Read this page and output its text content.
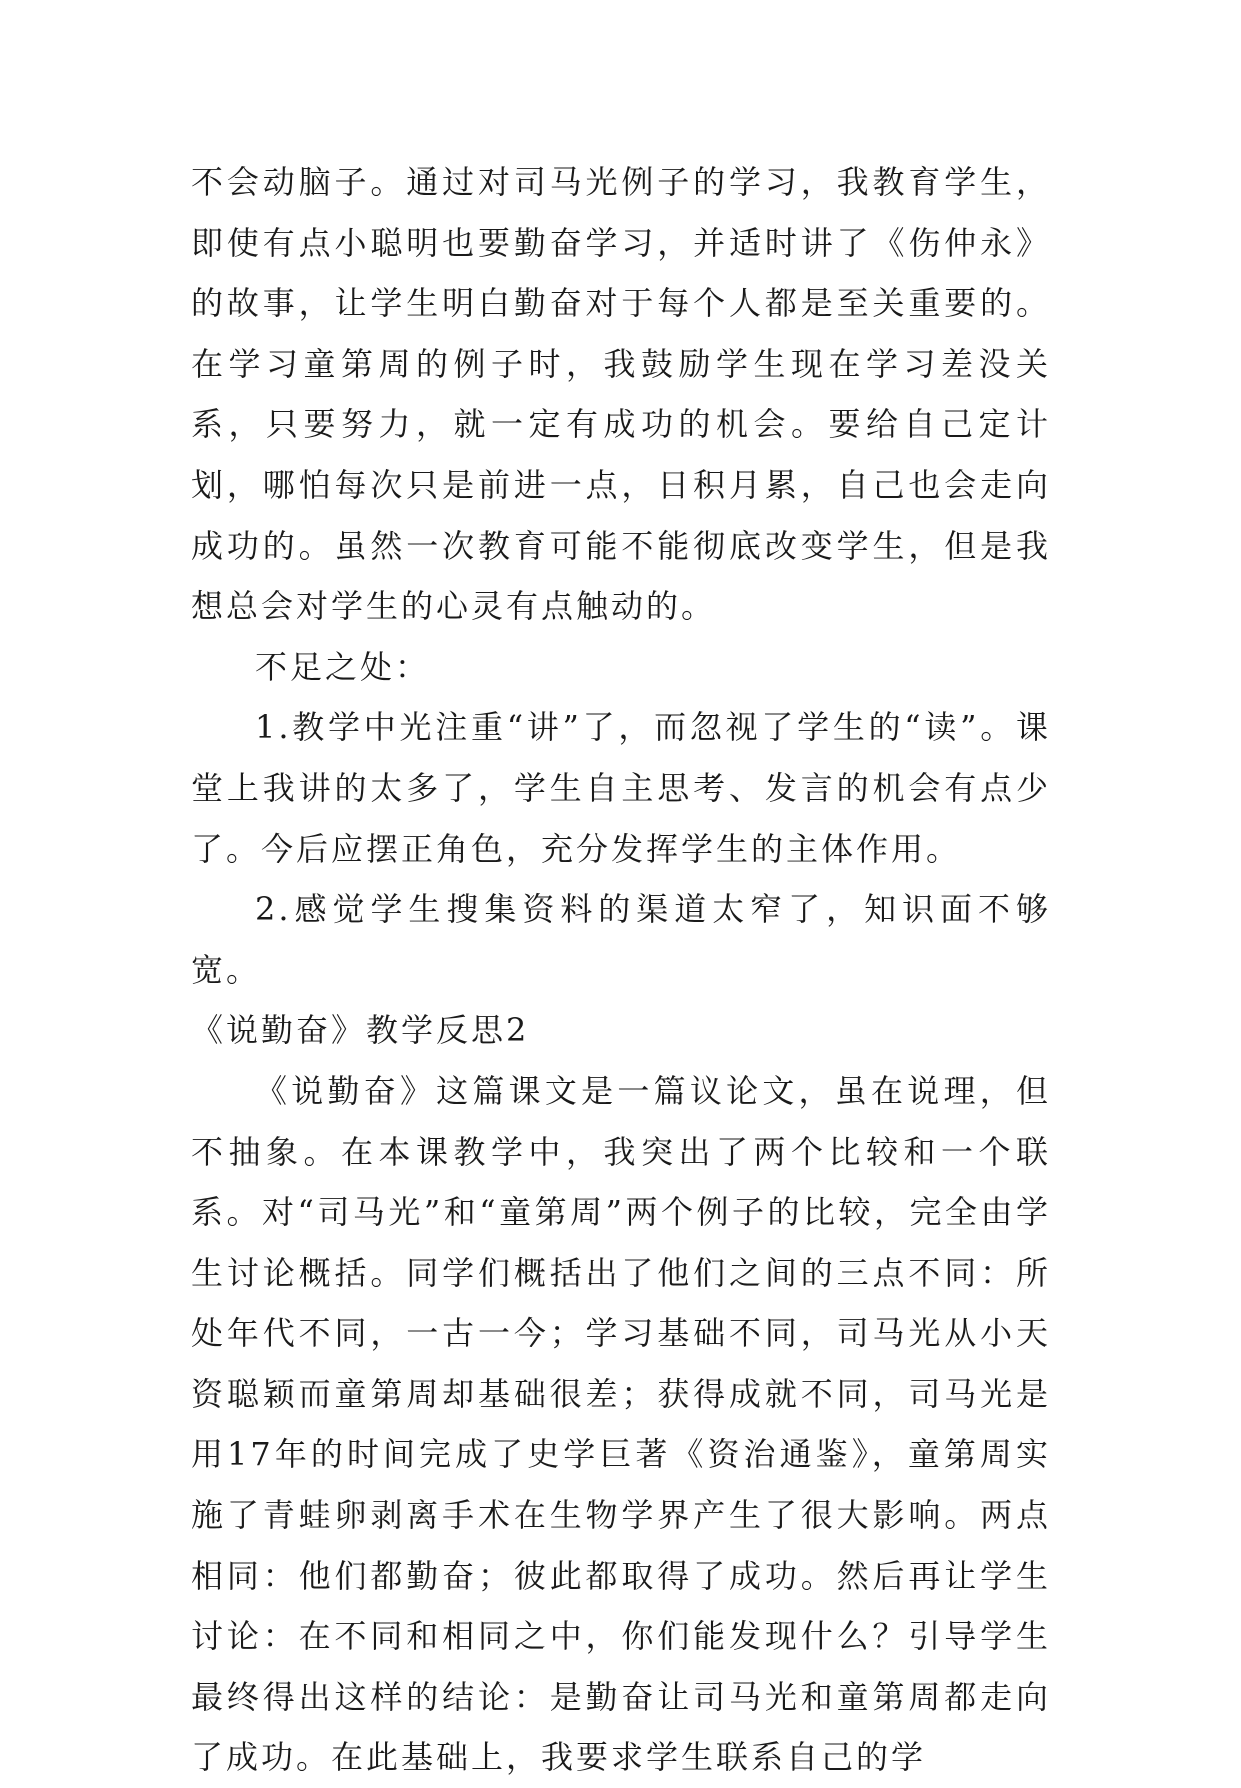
不会动脑子。通过对司马光例子的学习，我教育学生，即使有点小聪明也要勤奋学习，并适时讲了《伤仲永》的故事，让学生明白勤奋对于每个人都是至关重要的。在学习童第周的例子时，我鼓励学生现在学习差没关系，只要努力，就一定有成功的机会。要给自己定计划，哪怕每次只是前进一点，日积月累，自己也会走向成功的。虽然一次教育可能不能彻底改变学生，但是我想总会对学生的心灵有点触动的。

不足之处：

1.教学中光注重“讲”了，而忽视了学生的“读”。课堂上我讲的太多了，学生自主思考、发言的机会有点少了。今后应摆正角色，充分发挥学生的主体作用。

2.感觉学生搜集资料的渠道太窄了，知识面不够宽。

《说勤奋》教学反思2

《说勤奋》这篇课文是一篇议论文，虽在说理，但不抽象。在本课教学中，我突出了两个比较和一个联系。对“司马光”和“童第周”两个例子的比较，完全由学生讨论概括。同学们概括出了他们之间的三点不同：所处年代不同，一古一今；学习基础不同，司马光从小天资聪颖而童第周却基础很差；获得成就不同，司马光是用17年的时间完成了史学巨著《资治通鉴》，童第周实施了青蛙卵剥离手术在生物学界产生了很大影响。两点相同：他们都勤奋；彼此都取得了成功。然后再让学生讨论：在不同和相同之中，你们能发现什么？引导学生最终得出这样的结论：是勤奋让司马光和童第周都走向了成功。在此基础上，我要求学生联系自己的学
